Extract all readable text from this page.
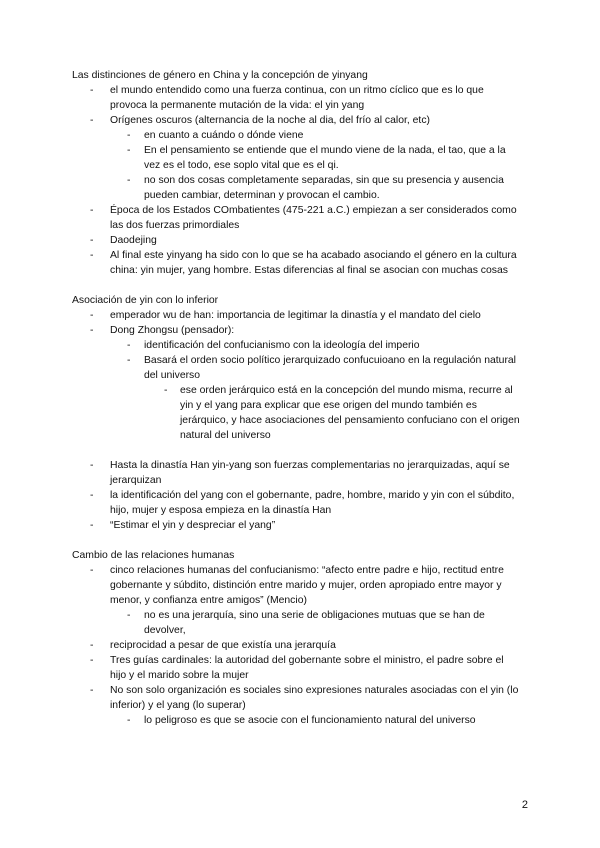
Las distinciones de género en China y la concepción de yinyang
- el mundo entendido como una fuerza continua, con un ritmo cíclico que es lo que provoca la permanente mutación de la vida: el yin yang
- Orígenes oscuros (alternancia de la noche al dia, del frío al calor, etc)
- en cuanto a cuándo o dónde viene
- En el pensamiento se entiende que el mundo viene de la nada, el tao, que a la vez es el todo, ese soplo vital que es el qi.
- no son dos cosas completamente separadas, sin que su presencia y ausencia pueden cambiar, determinan y provocan el cambio.
- Época de los Estados COmbatientes (475-221 a.C.) empiezan a ser considerados como las dos fuerzas primordiales
- Daodejing
- Al final este yinyang ha sido con lo que se ha acabado asociando el género en la cultura china: yin mujer, yang hombre. Estas diferencias al final se asocian con muchas cosas
Asociación de yin con lo inferior
- emperador wu de han: importancia de legitimar la dinastía y el mandato del cielo
- Dong Zhongsu (pensador):
- identificación del confucianismo con la ideología del imperio
- Basará el orden socio político jerarquizado confucuioano en la regulación natural del universo
- ese orden jerárquico está en la concepción del mundo misma, recurre al yin y el yang para explicar que ese origen del mundo también es jerárquico, y hace asociaciones del pensamiento confuciano con el origen natural del universo
- Hasta la dinastía Han yin-yang son fuerzas complementarias no jerarquizadas, aquí se jerarquizan
- la identificación del yang con el gobernante, padre, hombre, marido y yin con el súbdito, hijo, mujer y esposa empieza en la dinastía Han
- “Estimar el yin y despreciar el yang”
Cambio de las relaciones humanas
- cinco relaciones humanas del confucianismo: “afecto entre padre e hijo, rectitud entre gobernante y súbdito, distinción entre marido y mujer, orden apropiado entre mayor y menor, y confianza entre amigos” (Mencio)
- no es una jerarquía, sino una serie de obligaciones mutuas que se han de devolver,
- reciprocidad a pesar de que existía una jerarquía
- Tres guías cardinales: la autoridad del gobernante sobre el ministro, el padre sobre el hijo y el marido sobre la mujer
- No son solo organización es sociales sino expresiones naturales asociadas con el yin (lo inferior) y el yang (lo superar)
- lo peligroso es que se asocie con el funcionamiento natural del universo
2
